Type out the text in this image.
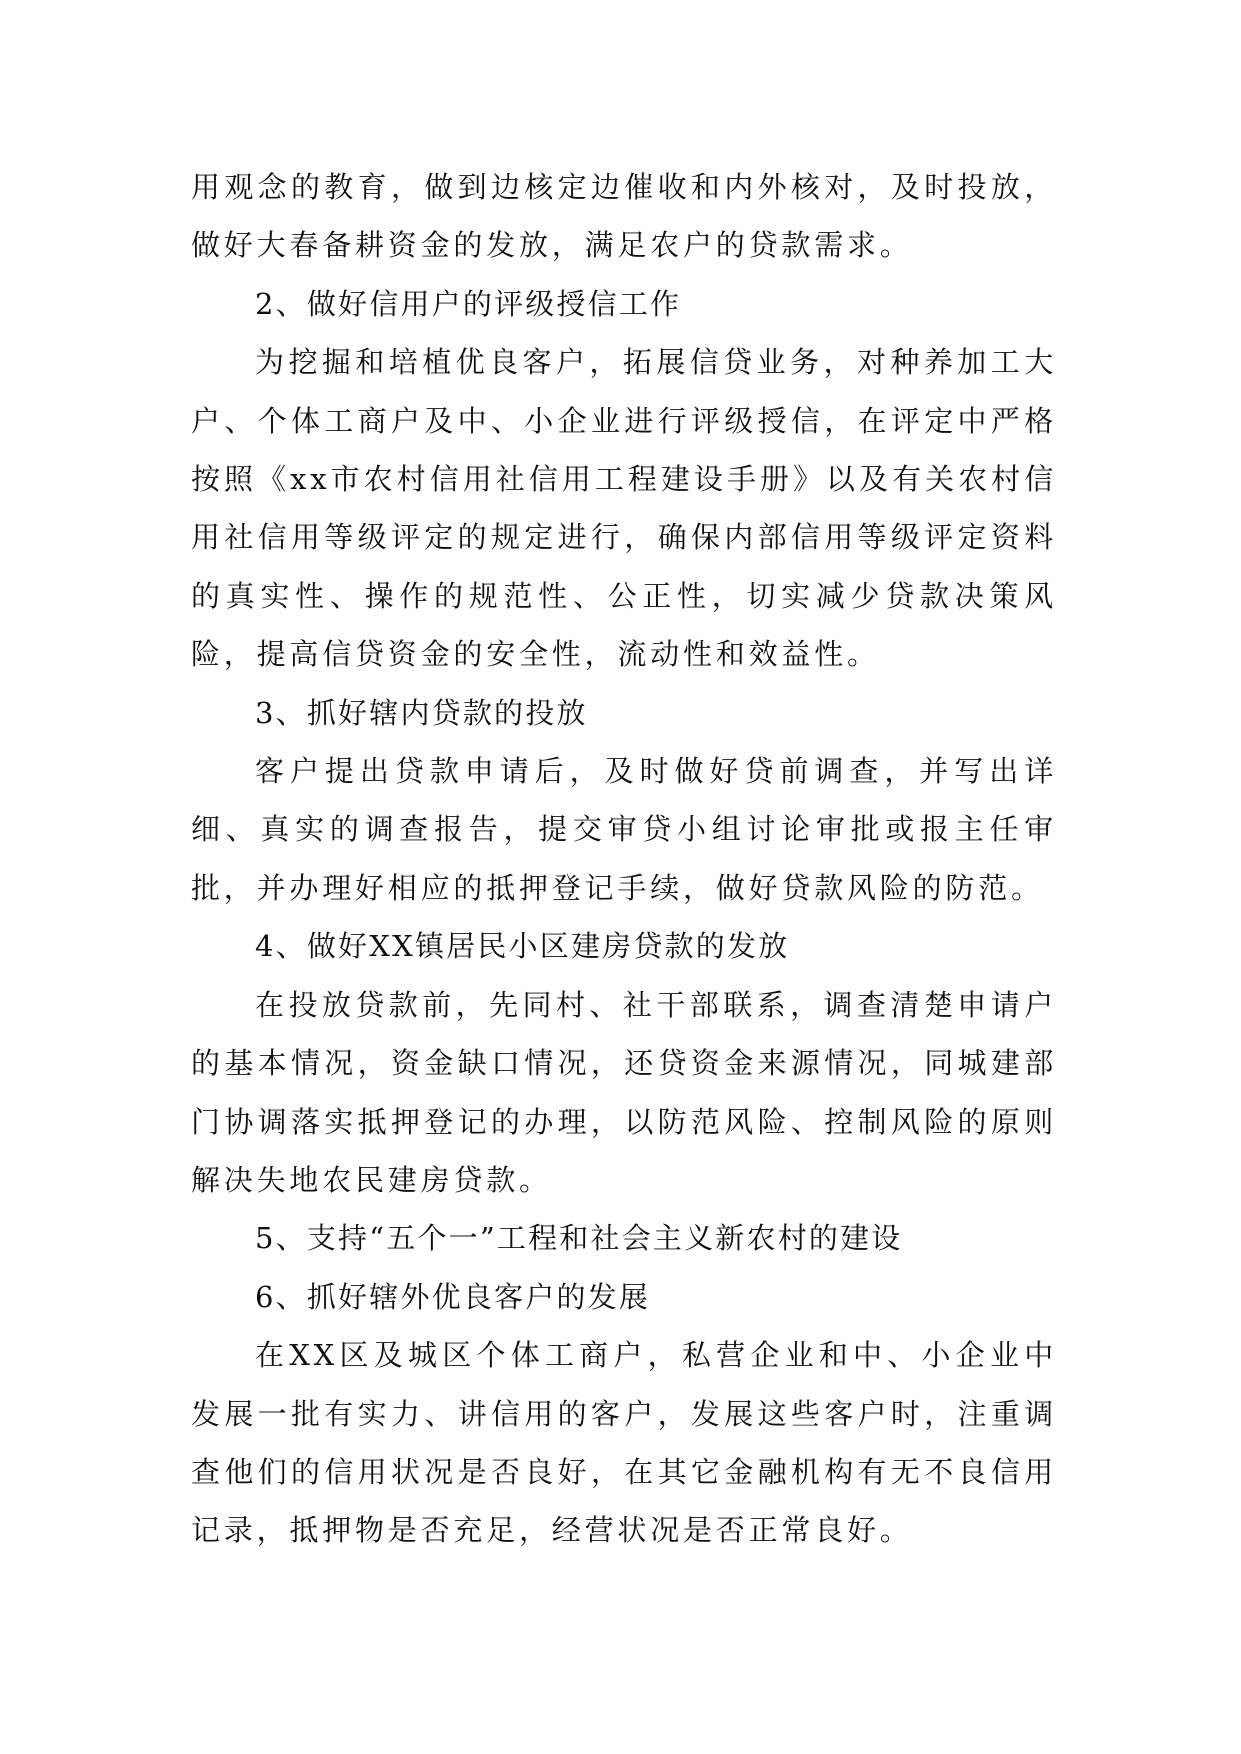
用观念的教育，做到边核定边催收和内外核对，及时投放，做好大春备耕资金的发放，满足农户的贷款需求。

2、做好信用户的评级授信工作

为挖掘和培植优良客户，拓展信贷业务，对种养加工大户、个体工商户及中、小企业进行评级授信，在评定中严格按照《xx市农村信用社信用工程建设手册》以及有关农村信用社信用等级评定的规定进行，确保内部信用等级评定资料的真实性、操作的规范性、公正性，切实减少贷款决策风险，提高信贷资金的安全性，流动性和效益性。

3、抓好辖内贷款的投放

客户提出贷款申请后，及时做好贷前调查，并写出详细、真实的调查报告，提交审贷小组讨论审批或报主任审批，并办理好相应的抵押登记手续，做好贷款风险的防范。

4、做好XX镇居民小区建房贷款的发放

在投放贷款前，先同村、社干部联系，调查清楚申请户的基本情况，资金缺口情况，还贷资金来源情况，同城建部门协调落实抵押登记的办理，以防范风险、控制风险的原则解决失地农民建房贷款。

5、支持“五个一”工程和社会主义新农村的建设

6、抓好辖外优良客户的发展

在XX区及城区个体工商户，私营企业和中、小企业中发展一批有实力、讲信用的客户，发展这些客户时，注重调查他们的信用状况是否良好，在其它金融机构有无不良信用记录，抵押物是否充足，经营状况是否正常良好。
